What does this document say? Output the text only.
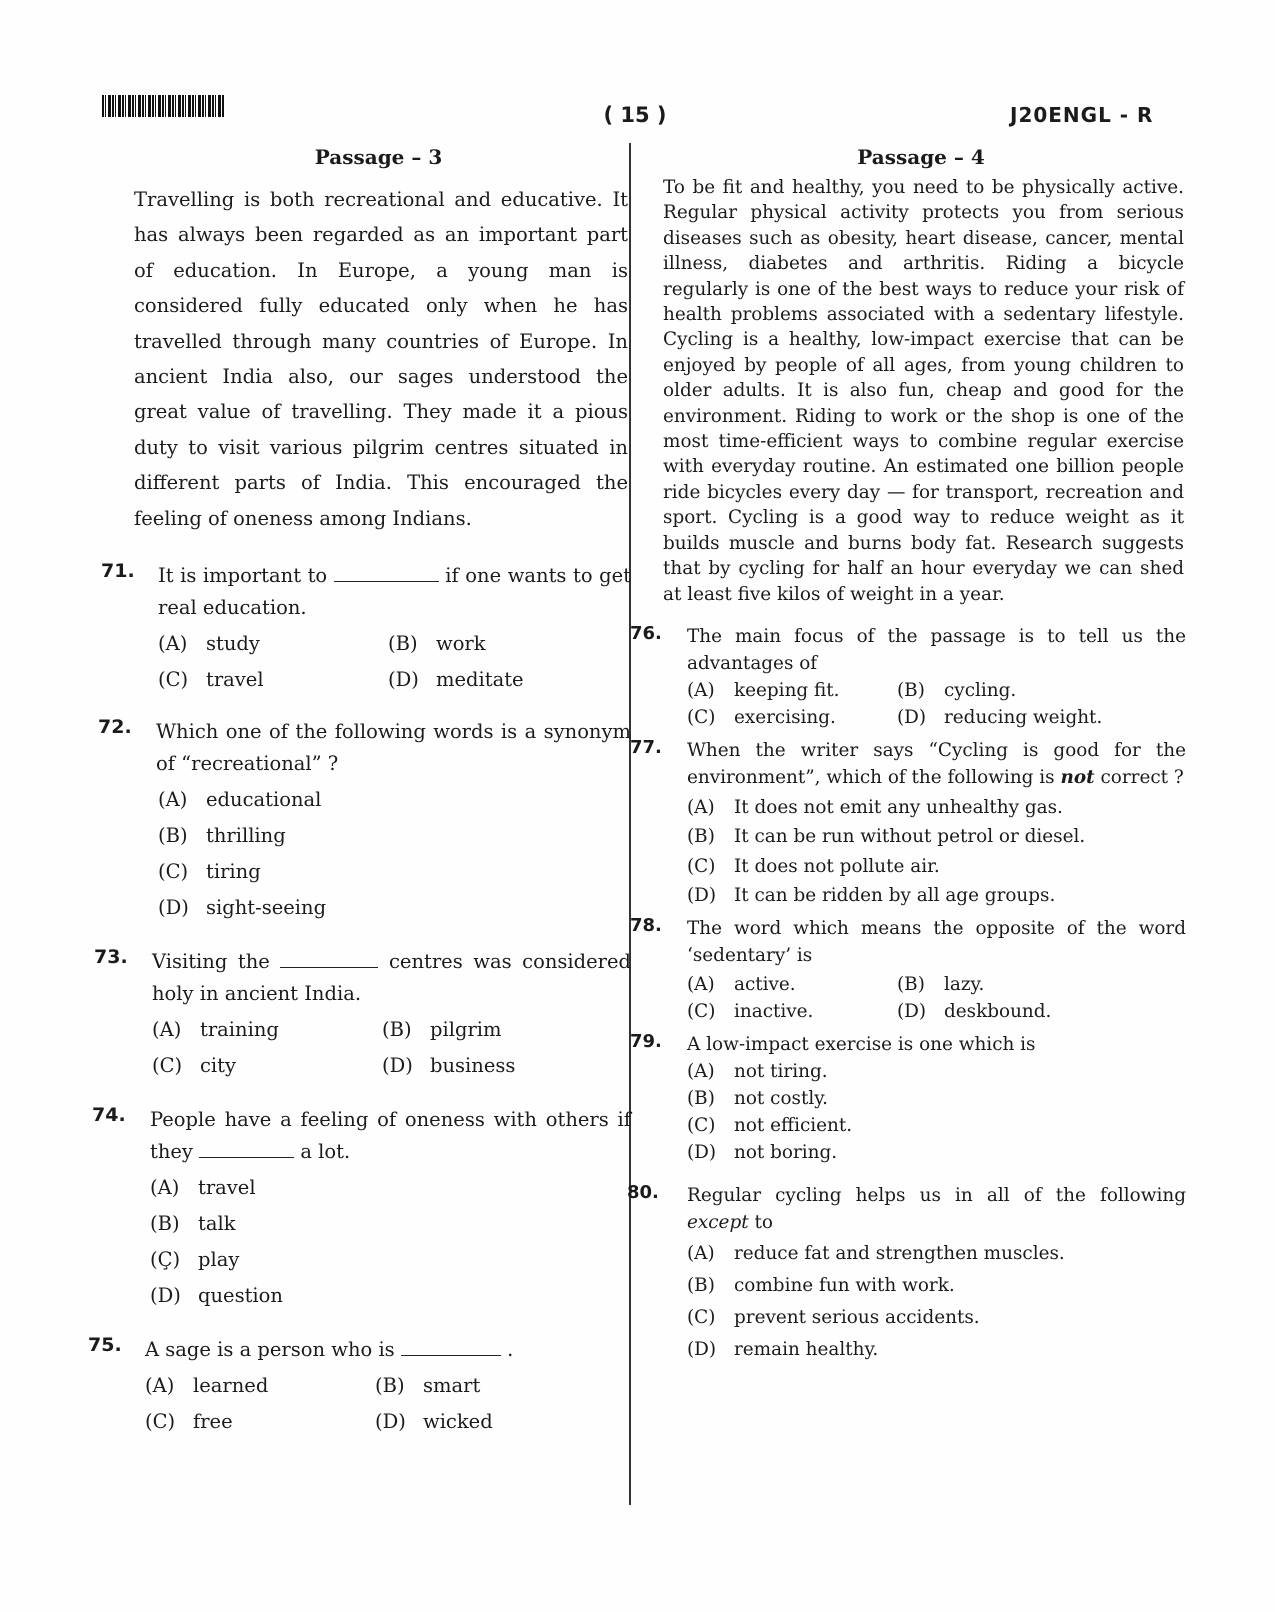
( 15 )	J20ENGL - R
Passage – 3
Travelling is both recreational and educative. It has always been regarded as an important part of education. In Europe, a young man is considered fully educated only when he has travelled through many countries of Europe. In ancient India also, our sages understood the great value of travelling. They made it a pious duty to visit various pilgrim centres situated in different parts of India. This encouraged the feeling of oneness among Indians.
71. It is important to	if one wants to get real education.
(A) study	(B) work
(C) travel	(D) meditate
72. Which one of the following words is a synonym of “recreational” ?
(A) educational
(B) thrilling
(C) tiring
(D) sight-seeing
73. Visiting the	centres was considered holy in ancient India.
(A) training	(B) pilgrim
(C) city	(D) business
74. People have a feeling of oneness with others if they	a lot.
(A) travel
(B) talk
(Ç) play
(D) question
75. A sage is a person who is	.
(A) learned	(B) smart
(C) free	(D) wicked
Passage – 4
To be fit and healthy, you need to be physically active. Regular physical activity protects you from serious diseases such as obesity, heart disease, cancer, mental illness, diabetes and arthritis. Riding a bicycle regularly is one of the best ways to reduce your risk of health problems associated with a sedentary lifestyle. Cycling is a healthy, low-impact exercise that can be enjoyed by people of all ages, from young children to older adults. It is also fun, cheap and good for the environment. Riding to work or the shop is one of the most time-efficient ways to combine regular exercise with everyday routine. An estimated one billion people ride bicycles every day — for transport, recreation and sport. Cycling is a good way to reduce weight as it builds muscle and burns body fat. Research suggests that by cycling for half an hour everyday we can shed at least five kilos of weight in a year.
76. The main focus of the passage is to tell us the advantages of
(A)	keeping fit.	(B)	cycling.
(C)	exercising.	(D) reducing weight.
77. When the writer says “Cycling is good for the environment”, which of the following is not correct ?
(A)	It does not emit any unhealthy gas.
(B)	It can be run without petrol or diesel.
(C)	It does not pollute air.
(D) It can be ridden by all age groups.
78. The word which means the opposite of the word ‘sedentary’ is
(A)	active.	(B)	lazy.
(C)	inactive.	(D) deskbound.
79. A low-impact exercise is one which is
(A)	not tiring.
(B)	not costly.
(C)	not efficient.
(D) not boring.
80. Regular cycling helps us in all of the following except to
(A)	reduce fat and strengthen muscles.
(B)	combine fun with work.
(C)	prevent serious accidents.
(D) remain healthy.
